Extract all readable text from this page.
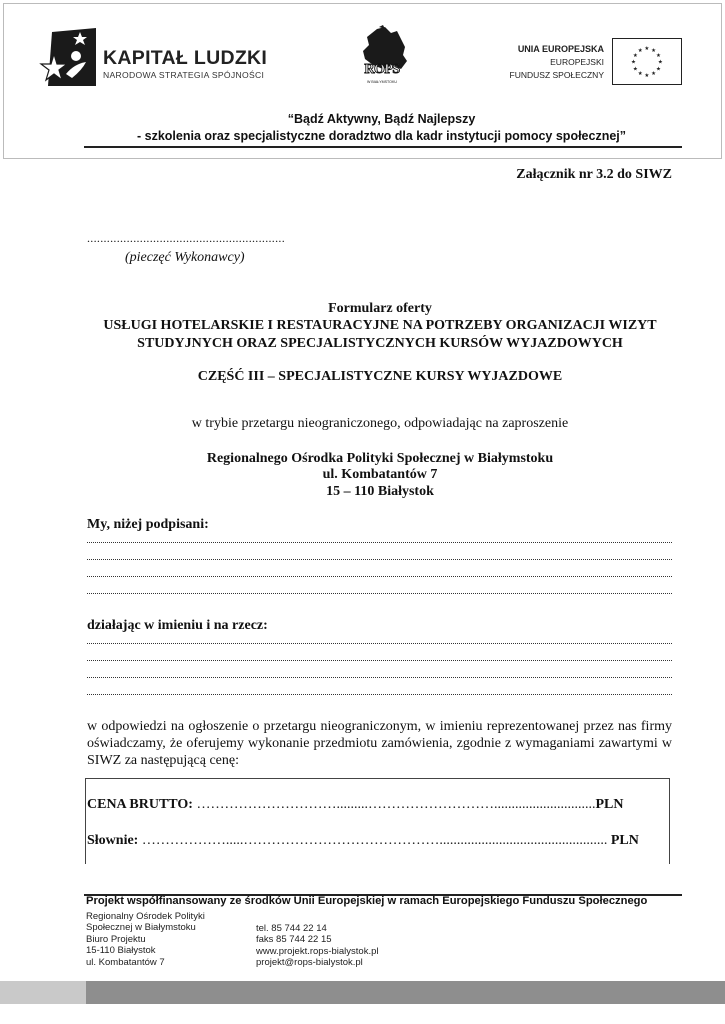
KAPITAŁ LUDZKI
NARODOWA STRATEGIA SPÓJNOŚCI	ROPS
W BIAŁYMSTOKU
UNIA EUROPEJSKA
EUROPEJSKI
FUNDUSZ SPOŁECZNY
★ ★
★
★
★
★
★
★
★
★
★
★
“Bądź Aktywny, Bądź Najlepszy
- szkolenia oraz specjalistyczne doradztwo dla kadr instytucji pomocy społecznej”
Załącznik nr 3.2 do SIWZ
............................................................
(pieczęć Wykonawcy)
Formularz oferty
USŁUGI HOTELARSKIE I RESTAURACYJNE NA POTRZEBY ORGANIZACJI WIZYT
STUDYJNYCH ORAZ SPECJALISTYCZNYCH KURSÓW WYJAZDOWYCH
CZĘŚĆ III – SPECJALISTYCZNE KURSY WYJAZDOWE
w trybie przetargu nieograniczonego, odpowiadając na zaproszenie
Regionalnego Ośrodka Polityki Społecznej w Białymstoku
ul. Kombatantów 7
15 – 110 Białystok
My, niżej podpisani:
działając w imieniu i na rzecz:
w odpowiedzi na ogłoszenie o przetargu nieograniczonym, w imieniu reprezentowanej przez nas firmy oświadczamy, że oferujemy wykonanie przedmiotu zamówienia, zgodnie z wymaganiami zawartymi w SIWZ za następującą cenę:
CENA BRUTTO: ………………………….........……………………….............................PLN
Słownie: ……………….....……………………………………................................................ PLN
Projekt współfinansowany ze środków Unii Europejskiej w ramach Europejskiego Funduszu Społecznego
Regionalny Ośrodek Polityki
Społecznej w Białymstoku
Biuro Projektu
15-110 Białystok
ul. Kombatantów 7
tel. 85 744 22 14
faks 85 744 22 15
www.projekt.rops-bialystok.pl
projekt@rops-bialystok.pl
